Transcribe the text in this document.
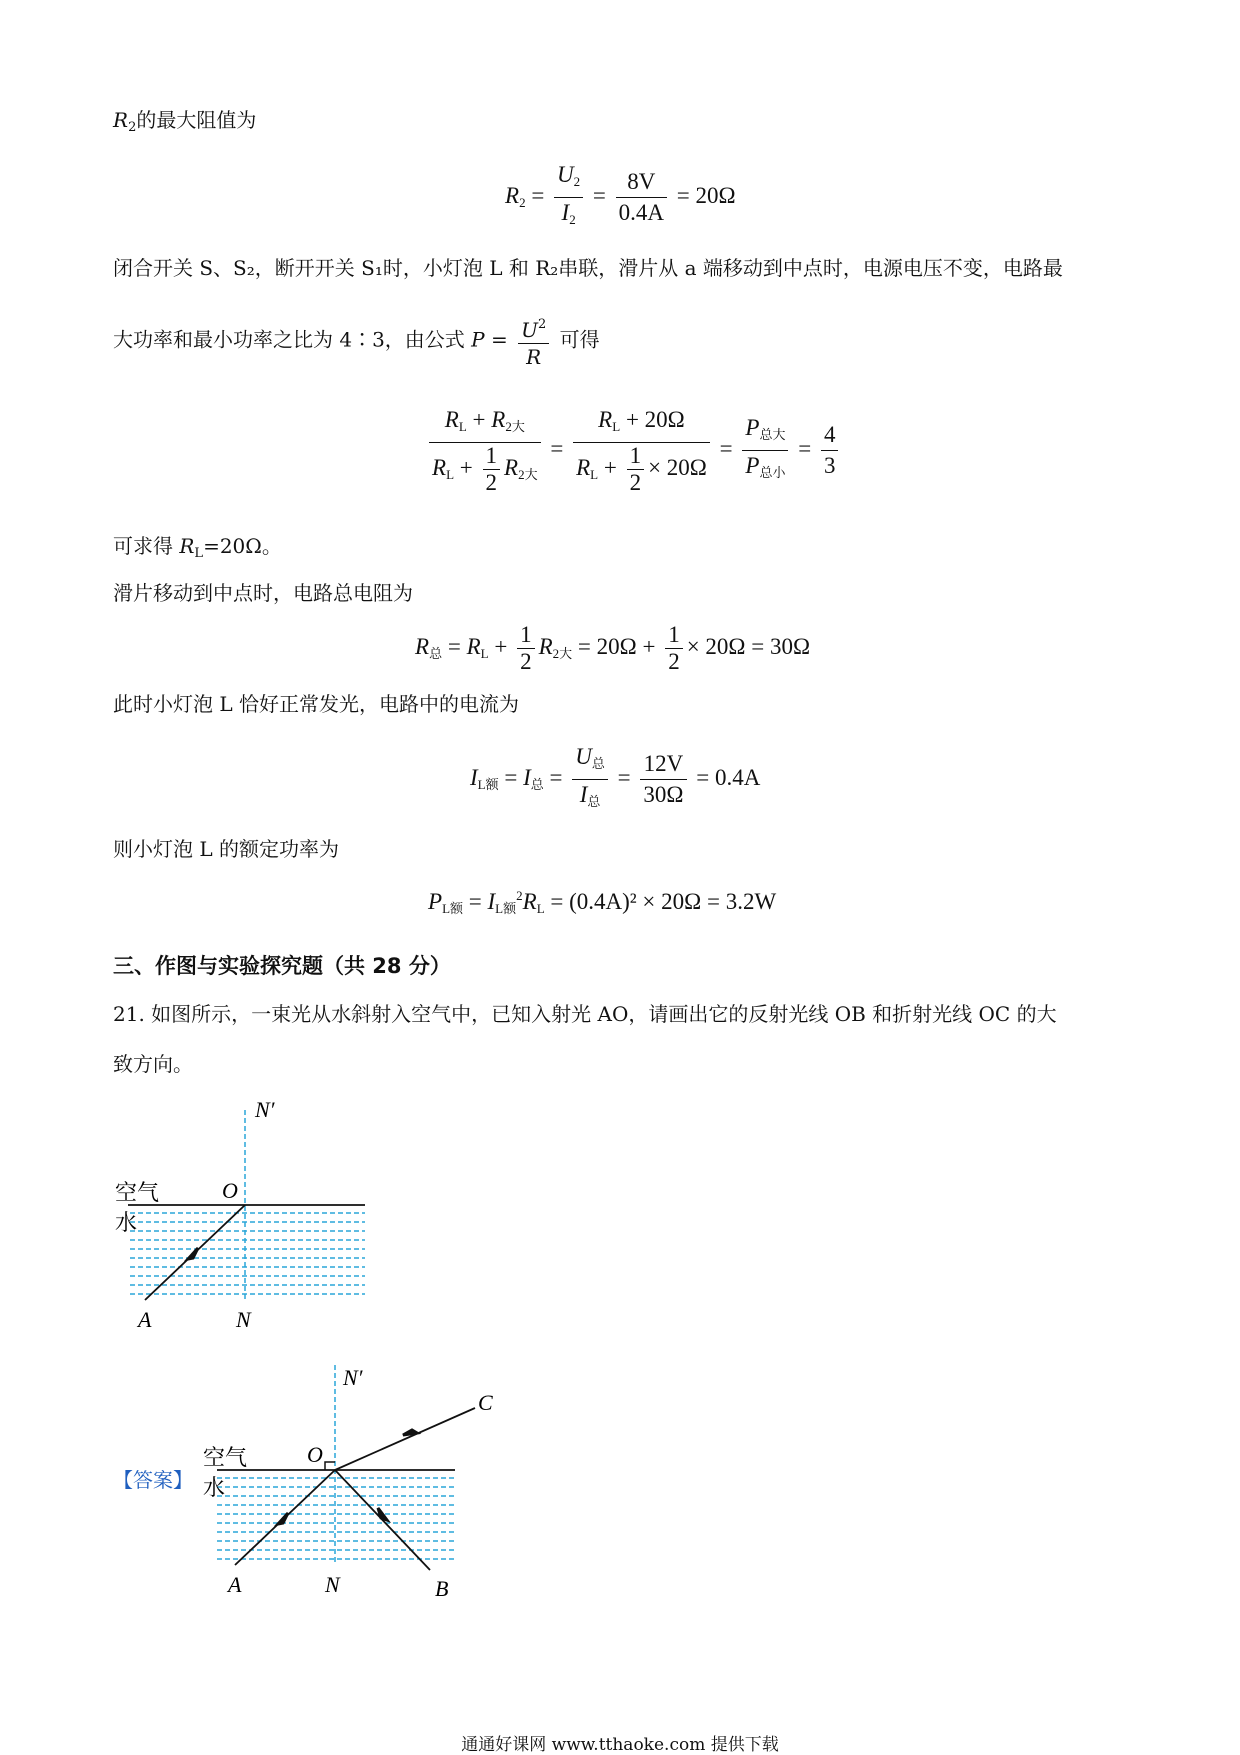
$R_2$的最大阻值为
$R_2 = \frac{U_2}{I_2} = \frac{8V}{0.4A} = 20\Omega$
闭合开关 S、S₂，断开开关 S₁时，小灯泡 L 和 R₂串联，滑片从 a 端移动到中点时，电源电压不变，电路最
大功率和最小功率之比为 4∶3，由公式 $P = \frac{U^2}{R}$ 可得
$\frac{R_L + R_{2大}}{R_L + \frac{1}{2} R_{2大}} = \frac{R_L + 20\Omega}{R_L + \frac{1}{2} \times 20\Omega} = \frac{P_{总大}}{P_{总小}} = \frac{4}{3}$
可求得 $R_L=20\Omega$。
滑片移动到中点时，电路总电阻为
$R_总 = R_L + \frac{1}{2} R_{2大} = 20\Omega + \frac{1}{2} \times 20\Omega = 30\Omega$
此时小灯泡 L 恰好正常发光，电路中的电流为
$I_{L额} = I_总 = \frac{U_总}{I_总} = \frac{12V}{30\Omega} = 0.4A$
则小灯泡 L 的额定功率为
$P_{L额} = I_{L额}^2R_L = (0.4A)^2 \times 20\Omega = 3.2W$
三、作图与实验探究题（共 28 分）
21. 如图所示，一束光从水斜射入空气中，已知入射光 AO，请画出它的反射光线 OB 和折射光线 OC 的大
致方向。
空气
水
N′
O
A	N
【答案】
空气
水
N′
O
C
A	N	B
通通好课网 www.tthaoke.com 提供下载
